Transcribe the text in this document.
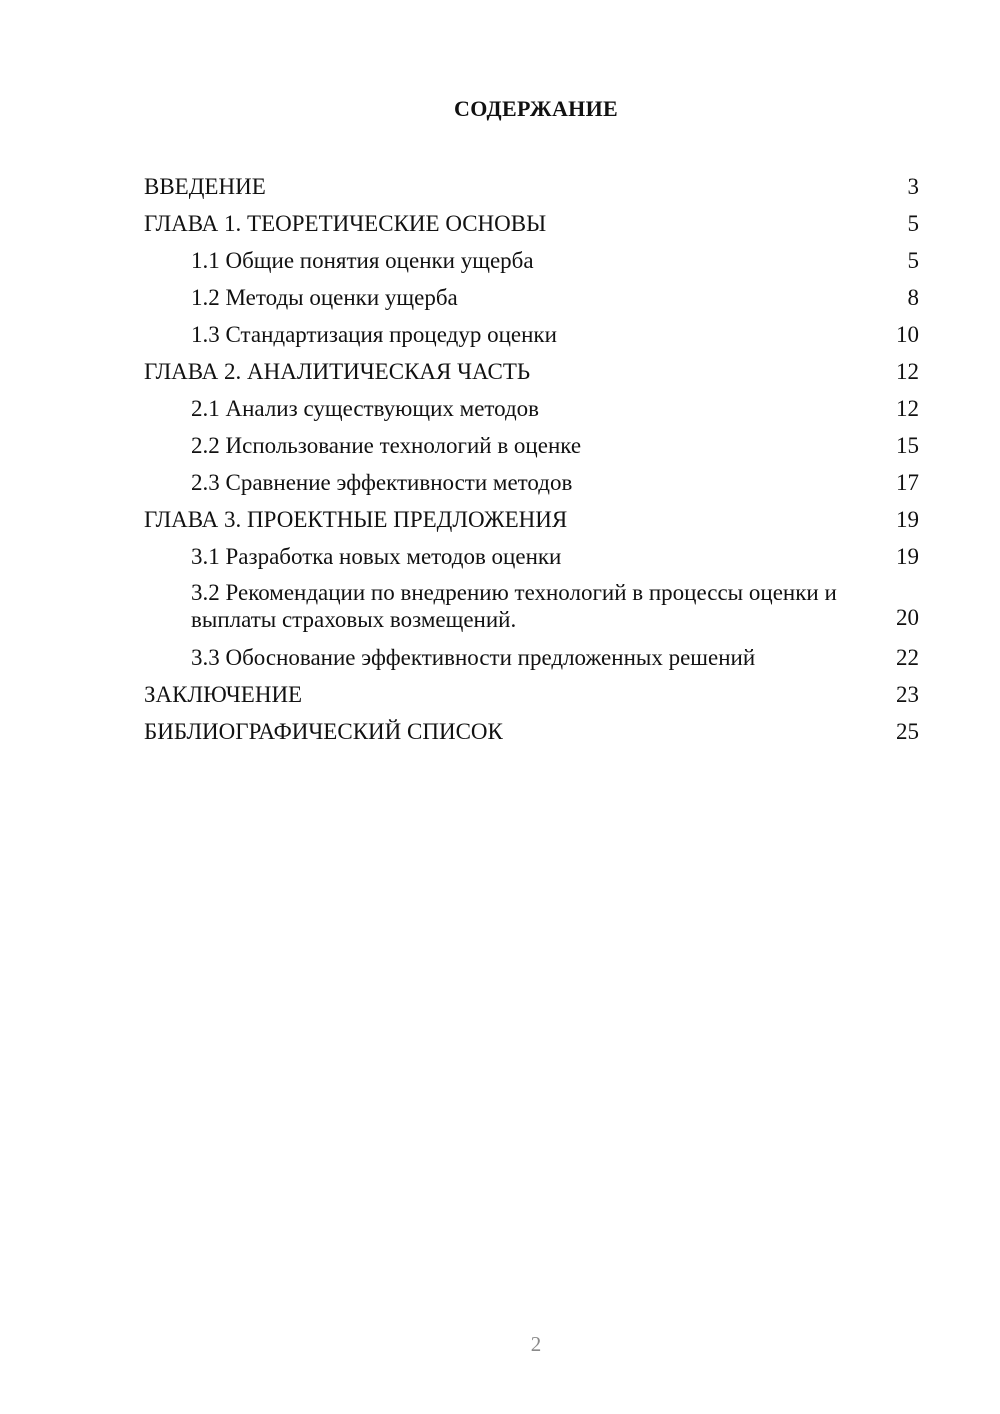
СОДЕРЖАНИЕ
ВВЕДЕНИЕ	3
ГЛАВА 1. ТЕОРЕТИЧЕСКИЕ ОСНОВЫ	5
1.1 Общие понятия оценки ущерба	5
1.2 Методы оценки ущерба	8
1.3 Стандартизация процедур оценки	10
ГЛАВА 2. АНАЛИТИЧЕСКАЯ ЧАСТЬ	12
2.1 Анализ существующих методов	12
2.2 Использование технологий в оценке	15
2.3 Сравнение эффективности методов	17
ГЛАВА 3. ПРОЕКТНЫЕ ПРЕДЛОЖЕНИЯ	19
3.1 Разработка новых методов оценки	19
3.2 Рекомендации по внедрению технологий в процессы оценки и выплаты страховых возмещений.	20
3.3 Обоснование эффективности предложенных решений	22
ЗАКЛЮЧЕНИЕ	23
БИБЛИОГРАФИЧЕСКИЙ СПИСОК	25
2
